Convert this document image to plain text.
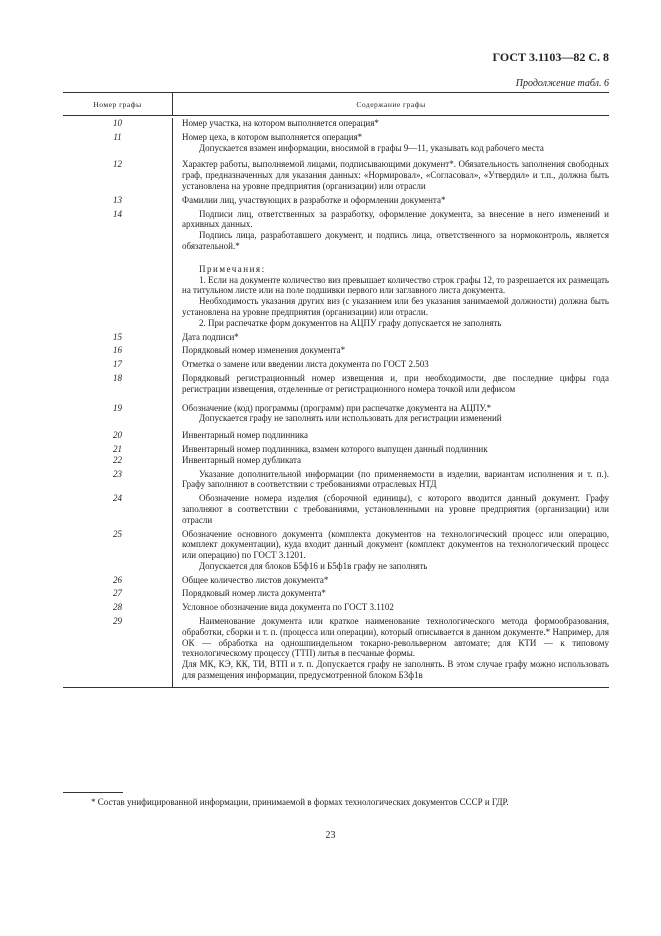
ГОСТ 3.1103—82 С. 8
Продолжение табл. 6
Номер графы	Содержание графы
10	Номер участка, на котором выполняется операция*

11	Номер цеха, в котором выполняется операция*

Допускается взамен информации, вносимой в графы 9—11, указывать код рабочего места

12	Характер работы, выполняемой лицами, подписывающими документ*. Обязательность заполнения свободных граф, предназначенных для указания данных: «Нормировал», «Согласовал», «Утвердил» и т.п., должна быть установлена на уровне предприятия (организации) или отрасли

13	Фамилии лиц, участвующих в разработке и оформлении документа*

14	Подписи лиц, ответственных за разработку, оформление документа, за внесение в него изменений и архивных данных.

Подпись лица, разработавшего документ, и подпись лица, ответственного за нормоконтроль, является обязательной.*

Примечания:

1. Если на документе количество виз превышает количество строк графы 12, то разрешается их размещать на титульном листе или на поле подшивки первого или заглавного листа документа.

Необходимость указания других виз (с указанием или без указания занимаемой должности) должна быть установлена на уровне предприятия (организации) или отрасли.

2. При распечатке форм документов на АЦПУ графу допускается не заполнять

15	Дата подписи*

16	Порядковый номер изменения документа*

17	Отметка о замене или введении листа документа по ГОСТ 2.503

18	Порядковый регистрационный номер извещения и, при необходимости, две последние цифры года регистрации извещения, отделенные от регистрационного номера точкой или дефисом

19	Обозначение (код) программы (программ) при распечатке документа на АЦПУ.*

Допускается графу не заполнять или использовать для регистрации изменений

20	Инвентарный номер подлинника

21	Инвентарный номер подлинника, взамен которого выпущен данный подлинник

22	Инвентарный номер дубликата

23	Указание дополнительной информации (по применяемости в изделии, вариантам исполнения и т. п.). Графу заполняют в соответствии с требованиями отраслевых НТД

24	Обозначение номера изделия (сборочной единицы), с которого вводится данный документ. Графу заполняют в соответствии с требованиями, установленными на уровне предприятия (организации) или отрасли

25	Обозначение основного документа (комплекта документов на технологический процесс или операцию, комплект документации), куда входит данный документ (комплект документов на технологический процесс или операцию) по ГОСТ 3.1201.

Допускается для блоков Б5ф16 и Б5ф1в графу не заполнять

26	Общее количество листов документа*

27	Порядковый номер листа документа*

28	Условное обозначение вида документа по ГОСТ 3.1102

29	Наименование документа или краткое наименование технологического метода формообразования, обработки, сборки и т. п. (процесса или операции), который описывается в данном документе.* Например, для ОК — обработка на одношпиндельном токарно-револьверном автомате; для КТИ — к типовому технологическому процессу (ТТП) литья в песчаные формы.

Для МК, КЭ, КК, ТИ, ВТП и т. п. Допускается графу не заполнять. В этом случае графу можно использовать для размещения информации, предусмотренной блоком Б3ф1в

* Состав унифицированной информации, принимаемой в формах технологических документов СССР и ГДР.
23
